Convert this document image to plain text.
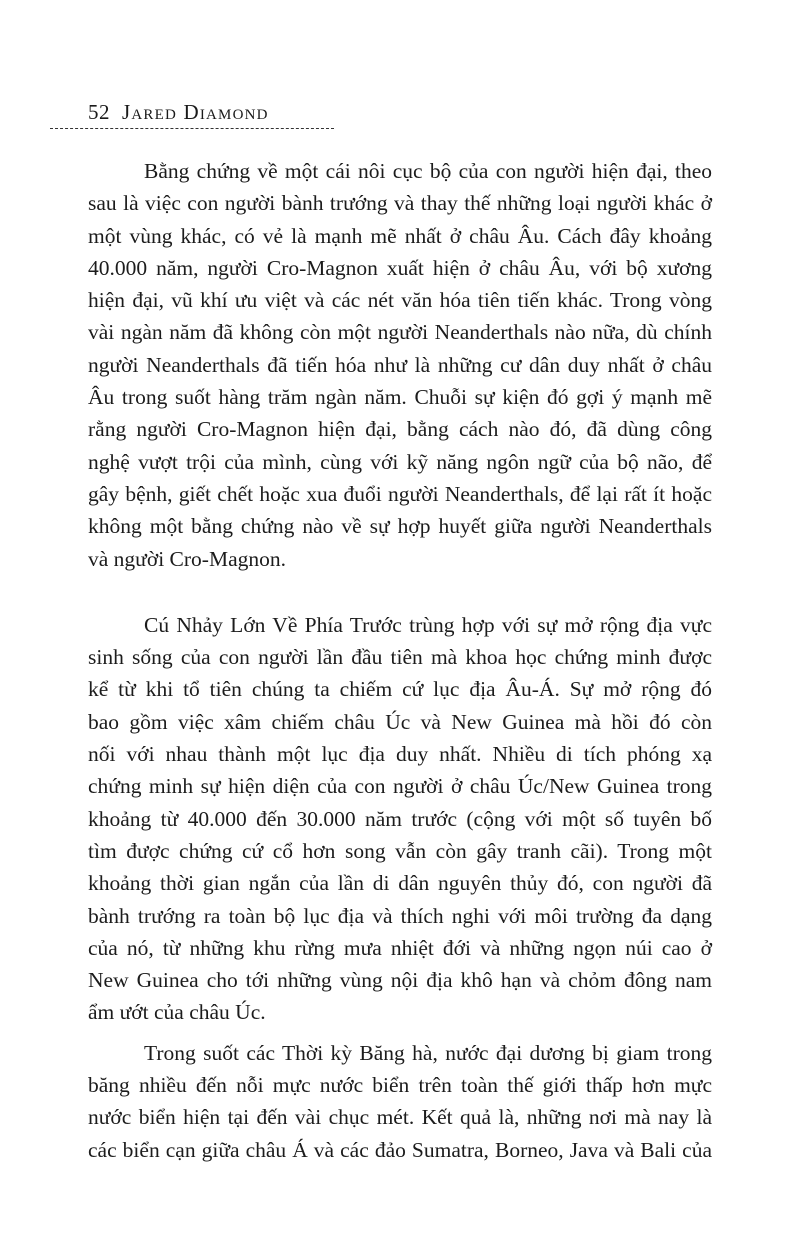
52 Jared Diamond
Bằng chứng về một cái nôi cục bộ của con người hiện đại, theo
sau là việc con người bành trướng và thay thế những loại người khác ở
một vùng khác, có vẻ là mạnh mẽ nhất ở châu Âu. Cách đây khoảng
40.000 năm, người Cro-Magnon xuất hiện ở châu Âu, với bộ xương
hiện đại, vũ khí ưu việt và các nét văn hóa tiên tiến khác. Trong vòng
vài ngàn năm đã không còn một người Neanderthals nào nữa, dù chính
người Neanderthals đã tiến hóa như là những cư dân duy nhất ở châu
Âu trong suốt hàng trăm ngàn năm. Chuỗi sự kiện đó gợi ý mạnh mẽ
rằng người Cro-Magnon hiện đại, bằng cách nào đó, đã dùng công
nghệ vượt trội của mình, cùng với kỹ năng ngôn ngữ của bộ não, để
gây bệnh, giết chết hoặc xua đuổi người Neanderthals, để lại rất ít hoặc
không một bằng chứng nào về sự hợp huyết giữa người Neanderthals
và người Cro-Magnon.
Cú Nhảy Lớn Về Phía Trước trùng hợp với sự mở rộng địa vực
sinh sống của con người lần đầu tiên mà khoa học chứng minh được
kể từ khi tổ tiên chúng ta chiếm cứ lục địa Âu-Á. Sự mở rộng đó
bao gồm việc xâm chiếm châu Úc và New Guinea mà hồi đó còn
nối với nhau thành một lục địa duy nhất. Nhiều di tích phóng xạ
chứng minh sự hiện diện của con người ở châu Úc/New Guinea trong
khoảng từ 40.000 đến 30.000 năm trước (cộng với một số tuyên bố
tìm được chứng cứ cổ hơn song vẫn còn gây tranh cãi). Trong một
khoảng thời gian ngắn của lần di dân nguyên thủy đó, con người đã
bành trướng ra toàn bộ lục địa và thích nghi với môi trường đa dạng
của nó, từ những khu rừng mưa nhiệt đới và những ngọn núi cao ở
New Guinea cho tới những vùng nội địa khô hạn và chỏm đông nam
ẩm ướt của châu Úc.
Trong suốt các Thời kỳ Băng hà, nước đại dương bị giam trong
băng nhiều đến nỗi mực nước biển trên toàn thế giới thấp hơn mực
nước biển hiện tại đến vài chục mét. Kết quả là, những nơi mà nay là
các biển cạn giữa châu Á và các đảo Sumatra, Borneo, Java và Bali của
